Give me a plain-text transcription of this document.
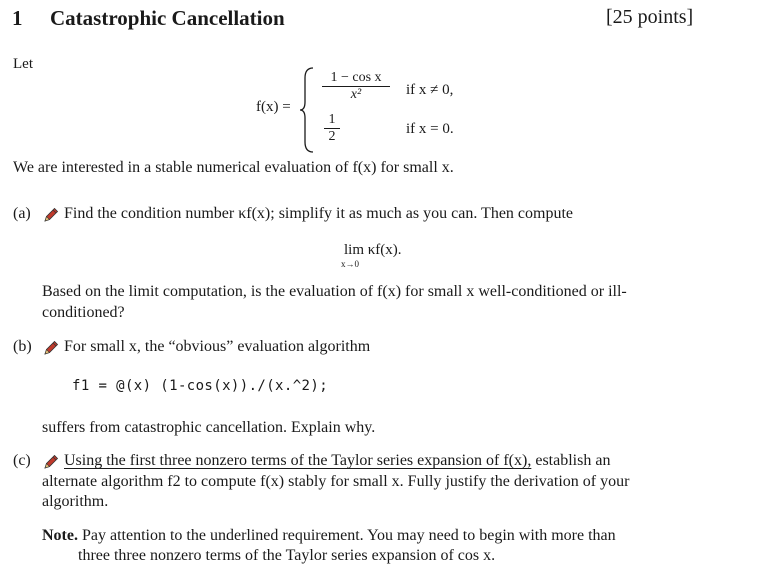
1 Catastrophic Cancellation	[25 points]
Let
f(x) =
$\frac{\text{1 − cos x}}{\text{x²}}$ if x ≠ 0,
$\frac{1}{2}$	if x = 0.
We are interested in a stable numerical evaluation of f(x) for small x.
(a) Find the condition number κf(x); simplify it as much as you can. Then compute
lim κf(x).
x→0
Based on the limit computation, is the evaluation of f(x) for small x well-conditioned or ill-
conditioned?
(b) For small x, the “obvious” evaluation algorithm
f1 = @(x) (1-cos(x))./(x.^2);
suffers from catastrophic cancellation. Explain why.
(c) Using the first three nonzero terms of the Taylor series expansion of f(x), establish an
alternate algorithm f2 to compute f(x) stably for small x. Fully justify the derivation of your
algorithm.
Note. Pay attention to the underlined requirement. You may need to begin with more than
three three nonzero terms of the Taylor series expansion of cos x.
